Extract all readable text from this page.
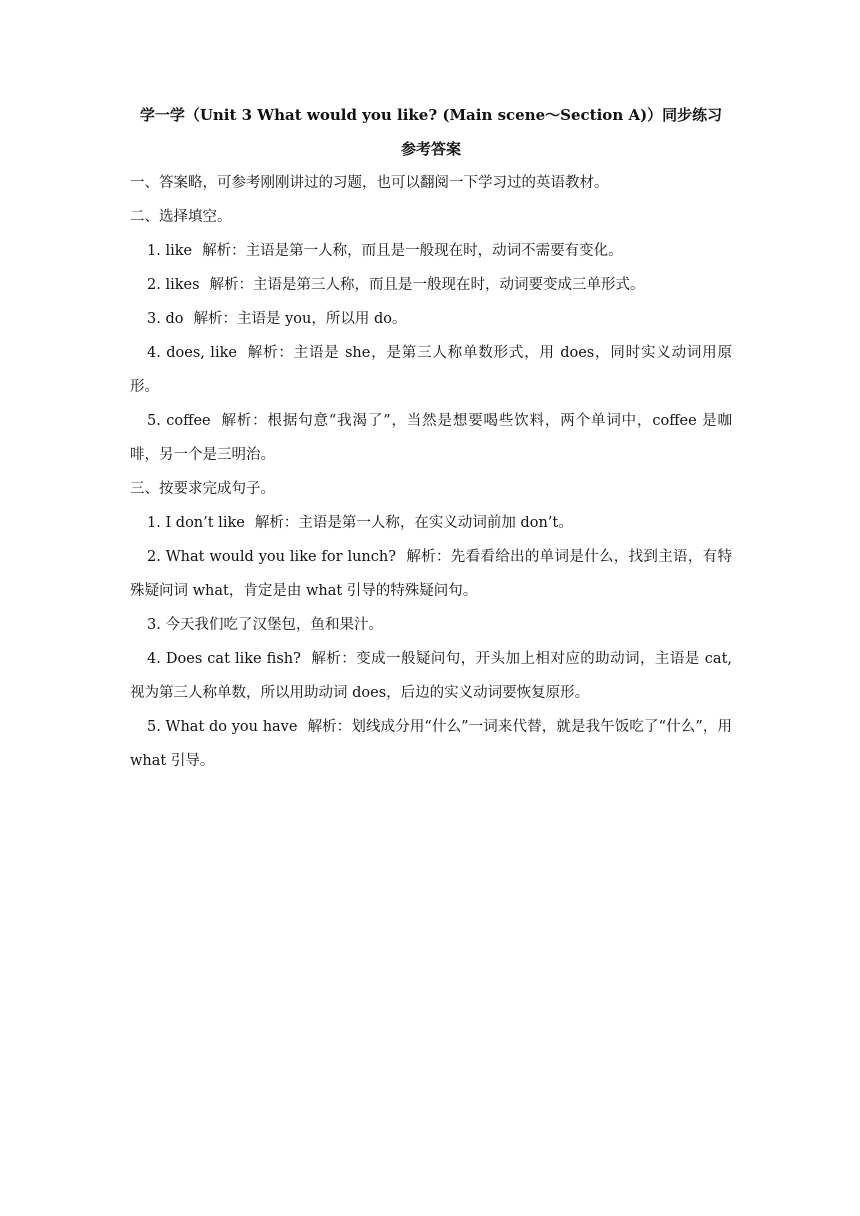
学一学（Unit 3 What would you like? (Main scene～Section A)）同步练习

参考答案

一、答案略，可参考刚刚讲过的习题，也可以翻阅一下学习过的英语教材。

二、选择填空。

1. like 解析：主语是第一人称，而且是一般现在时，动词不需要有变化。

2. likes 解析：主语是第三人称，而且是一般现在时，动词要变成三单形式。

3. do 解析：主语是 you，所以用 do。

4. does, like 解析：主语是 she，是第三人称单数形式，用 does，同时实义动词用原形。

5. coffee 解析：根据句意“我渴了”，当然是想要喝些饮料，两个单词中，coffee 是咖啡，另一个是三明治。

三、按要求完成句子。

1. I don’t like 解析：主语是第一人称，在实义动词前加 don’t。

2. What would you like for lunch? 解析：先看看给出的单词是什么，找到主语，有特殊疑问词 what，肯定是由 what 引导的特殊疑问句。

3. 今天我们吃了汉堡包，鱼和果汁。

4. Does cat like fish? 解析：变成一般疑问句，开头加上相对应的助动词，主语是 cat,视为第三人称单数，所以用助动词 does，后边的实义动词要恢复原形。

5. What do you have 解析：划线成分用“什么”一词来代替，就是我午饭吃了“什么”，用 what 引导。
